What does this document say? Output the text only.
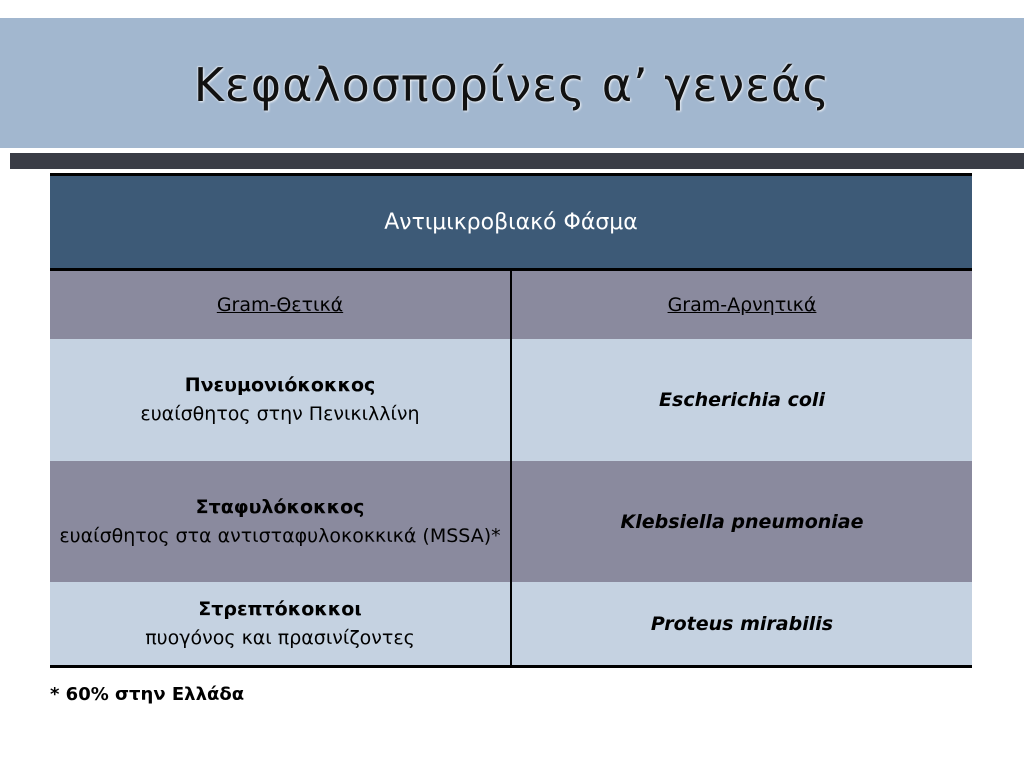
Κεφαλοσπορίνες α’ γενεάς
Αντιμικροβιακό Φάσμα	
Gram-Θετικά	Gram-Αρνητικά

Πνευμονιόκοκκος
ευαίσθητος στην Πενικιλλίνη	Escherichia coli

Σταφυλόκοκκος
ευαίσθητος στα αντισταφυλοκοκκικά (MSSA)*	Klebsiella pneumoniae

Στρεπτόκοκκοι
πυογόνος και πρασινίζοντες	Proteus mirabilis
* 60% στην Ελλάδα
